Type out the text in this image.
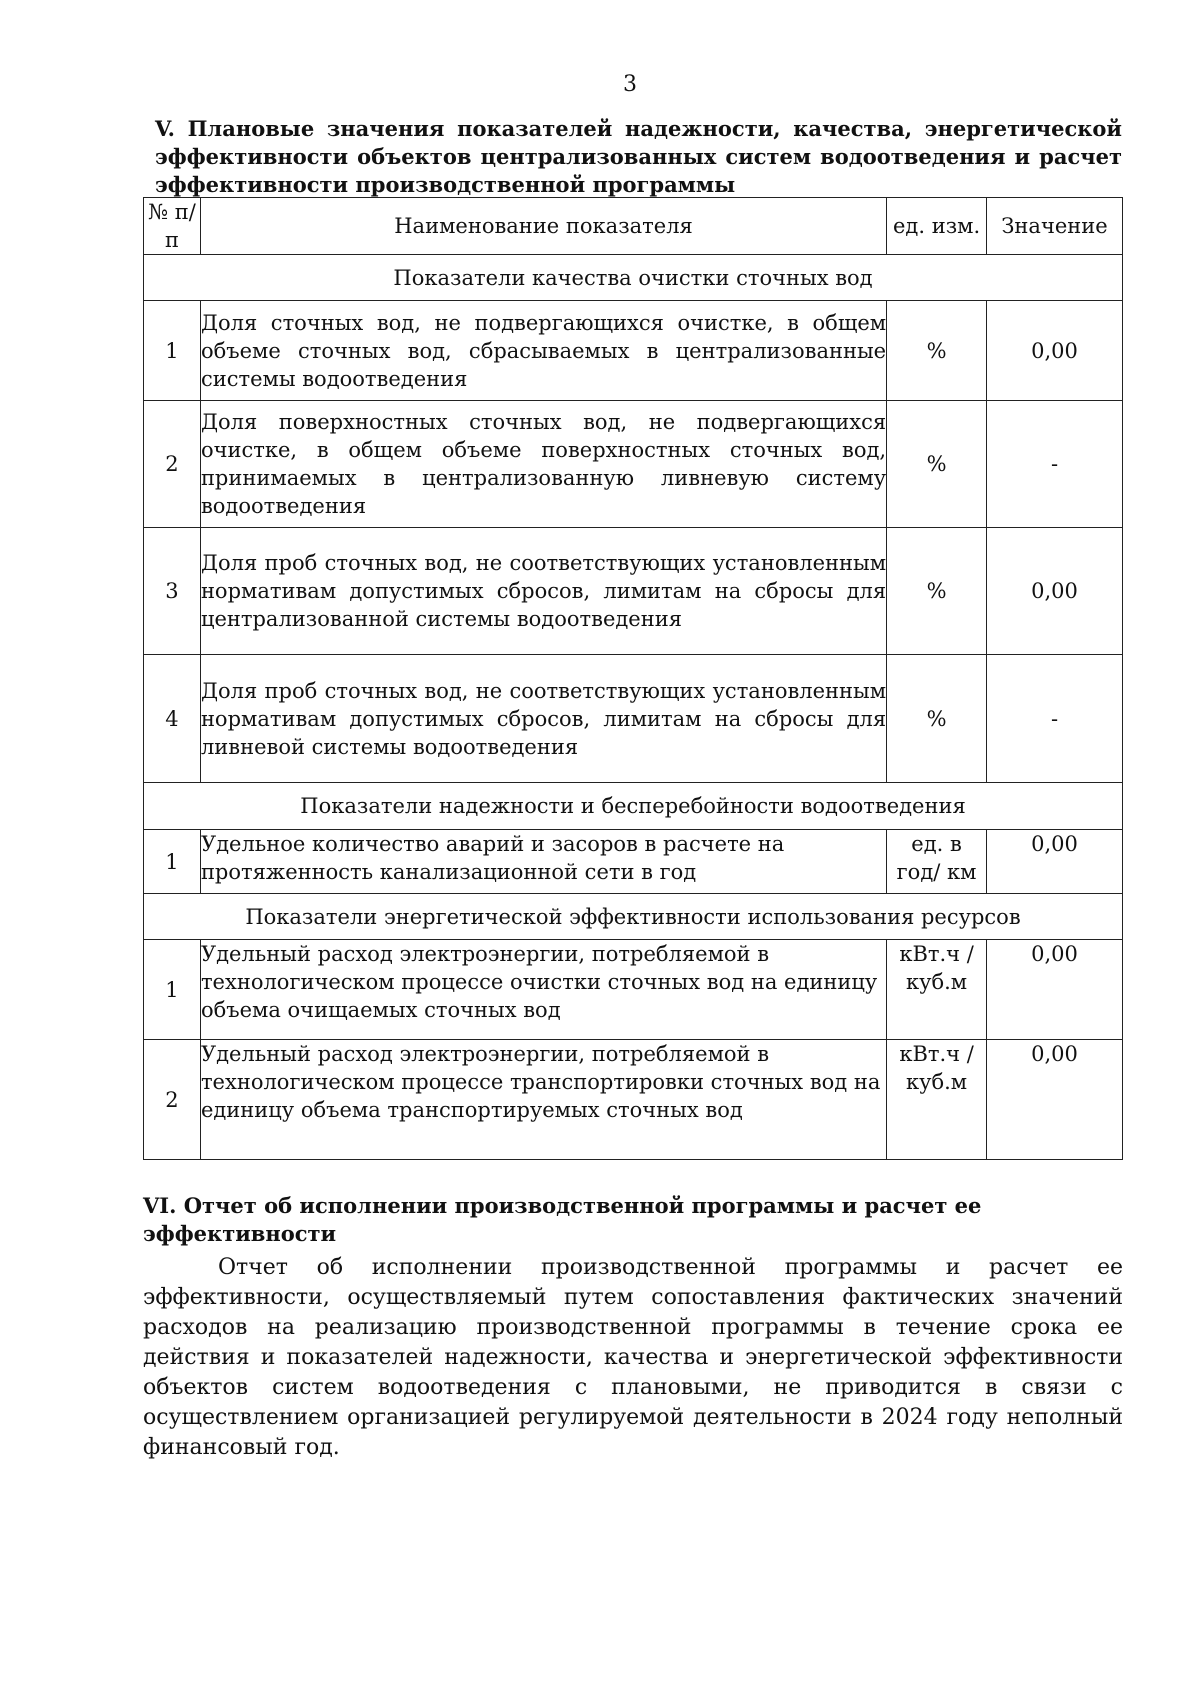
3

V. Плановые значения показателей надежности, качества, энергетической эффективности объектов централизованных систем водоотведения и расчет эффективности производственной программы

№ п/п	Наименование показателя	ед. изм.	Значение
Показатели качества очистки сточных вод			
1	Доля сточных вод, не подвергающихся очистке, в общем объеме сточных вод, сбрасываемых в централизованные системы водоотведения	%	0,00
2	Доля поверхностных сточных вод, не подвергающихся очистке, в общем объеме поверхностных сточных вод, принимаемых в централизованную ливневую систему водоотведения	%	-
3	Доля проб сточных вод, не соответствующих установленным нормативам допустимых сбросов, лимитам на сбросы для централизованной системы водоотведения	%	0,00
4	Доля проб сточных вод, не соответствующих установленным нормативам допустимых сбросов, лимитам на сбросы для ливневой системы водоотведения	%	-
Показатели надежности и бесперебойности водоотведения			
1	Удельное количество аварий и засоров в расчете на протяженность канализационной сети в год	ед. в год/ км	0,00
Показатели энергетической эффективности использования ресурсов			
1	Удельный расход электроэнергии, потребляемой в технологическом процессе очистки сточных вод на единицу объема очищаемых сточных вод	кВт.ч / куб.м	0,00
2	Удельный расход электроэнергии, потребляемой в технологическом процессе транспортировки сточных вод на единицу объема транспортируемых сточных вод	кВт.ч / куб.м	0,00

VI. Отчет об исполнении производственной программы и расчет ее эффективности

Отчет об исполнении производственной программы и расчет ее эффективности, осуществляемый путем сопоставления фактических значений расходов на реализацию производственной программы в течение срока ее действия и показателей надежности, качества и энергетической эффективности объектов систем водоотведения с плановыми, не приводится в связи с осуществлением организацией регулируемой деятельности в 2024 году неполный финансовый год.
